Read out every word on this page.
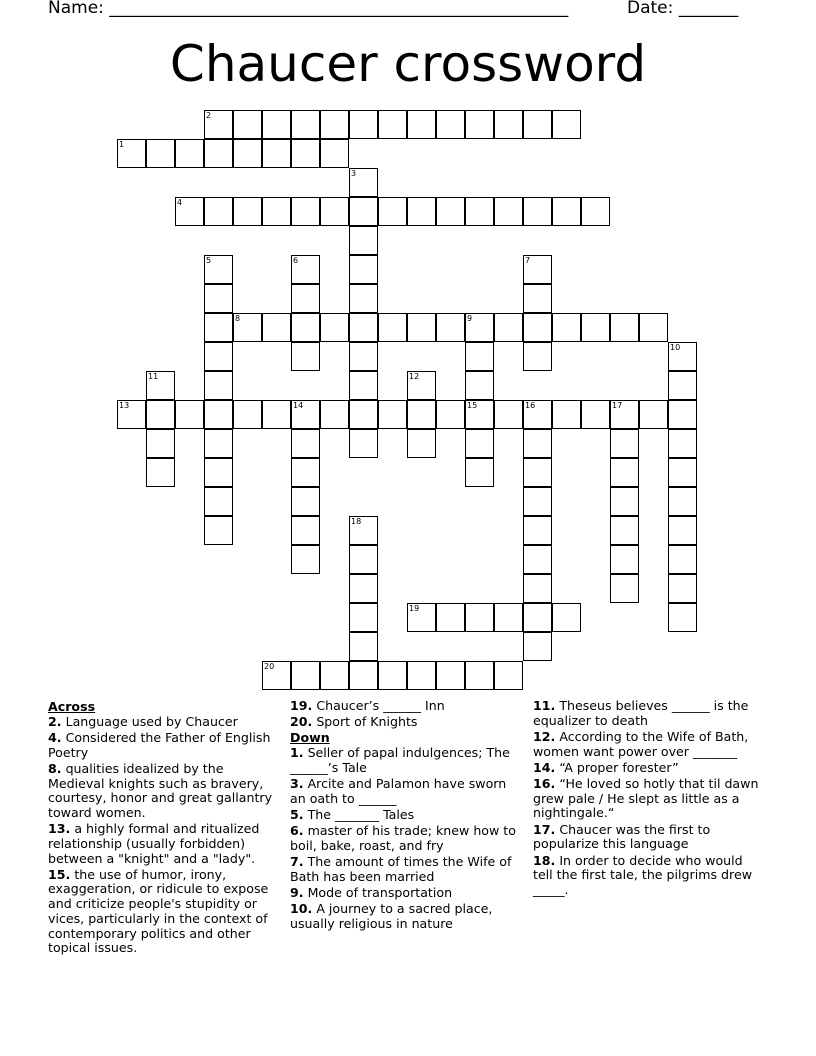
Name: ______________________________________________________	Date: _______
Chaucer crossword
1
2
3
4
5	6	7
8	9
10
11	12
13	14	15	16	17
18
19
20
Across
2. Language used by Chaucer
4. Considered the Father of English Poetry
8. qualities idealized by the Medieval knights such as bravery, courtesy, honor and great gallantry toward women.
13. a highly formal and ritualized relationship (usually forbidden) between a "knight" and a "lady".
15. the use of humor, irony, exaggeration, or ridicule to expose and criticize people's stupidity or vices, particularly in the context of contemporary politics and other topical issues.
19. Chaucer’s ______ Inn
20. Sport of Knights
Down
1. Seller of papal indulgences; The ______’s Tale
3. Arcite and Palamon have sworn an oath to ______
5. The _______ Tales
6. master of his trade; knew how to boil, bake, roast, and fry
7. The amount of times the Wife of Bath has been married
9. Mode of transportation
10. A journey to a sacred place, usually religious in nature
11. Theseus believes ______ is the equalizer to death
12. According to the Wife of Bath, women want power over _______
14. “A proper forester”
16. “He loved so hotly that til dawn grew pale / He slept as little as a nightingale.“
17. Chaucer was the first to popularize this language
18. In order to decide who would tell the first tale, the pilgrims drew _____.
